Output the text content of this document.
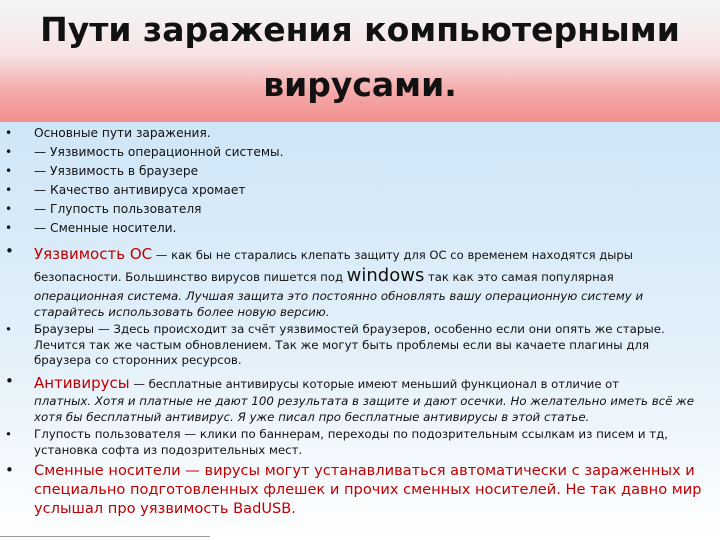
Пути заражения компьютерными вирусами.
• Основные пути заражения.
• — Уязвимость операционной системы.
• — Уязвимость в браузере
• — Качество антивируса хромает
• — Глупость пользователя
• — Сменные носители.
• Уязвимость ОС — как бы не старались клепать защиту для ОС со временем находятся дыры
безопасности. Большинство вирусов пишется под windows так как это самая популярная
операционная система. Лучшая защита это постоянно обновлять вашу операционную систему и старайтесь использовать более новую версию.
• Браузеры — Здесь происходит за счёт уязвимостей браузеров, особенно если они опять же старые. Лечится так же частым обновлением. Так же могут быть проблемы если вы качаете плагины для браузера со сторонних ресурсов.
• Антивирусы — бесплатные антивирусы которые имеют меньший функционал в отличие от
платных. Хотя и платные не дают 100 результата в защите и дают осечки. Но желательно иметь всё же хотя бы бесплатный антивирус. Я уже писал про бесплатные антивирусы в этой статье.
• Глупость пользователя — клики по баннерам, переходы по подозрительным ссылкам из писем и тд, установка софта из подозрительных мест.
• Сменные носители — вирусы могут устанавливаться автоматически с зараженных и специально подготовленных флешек и прочих сменных носителей. Не так давно мир услышал про уязвимость BadUSB.
